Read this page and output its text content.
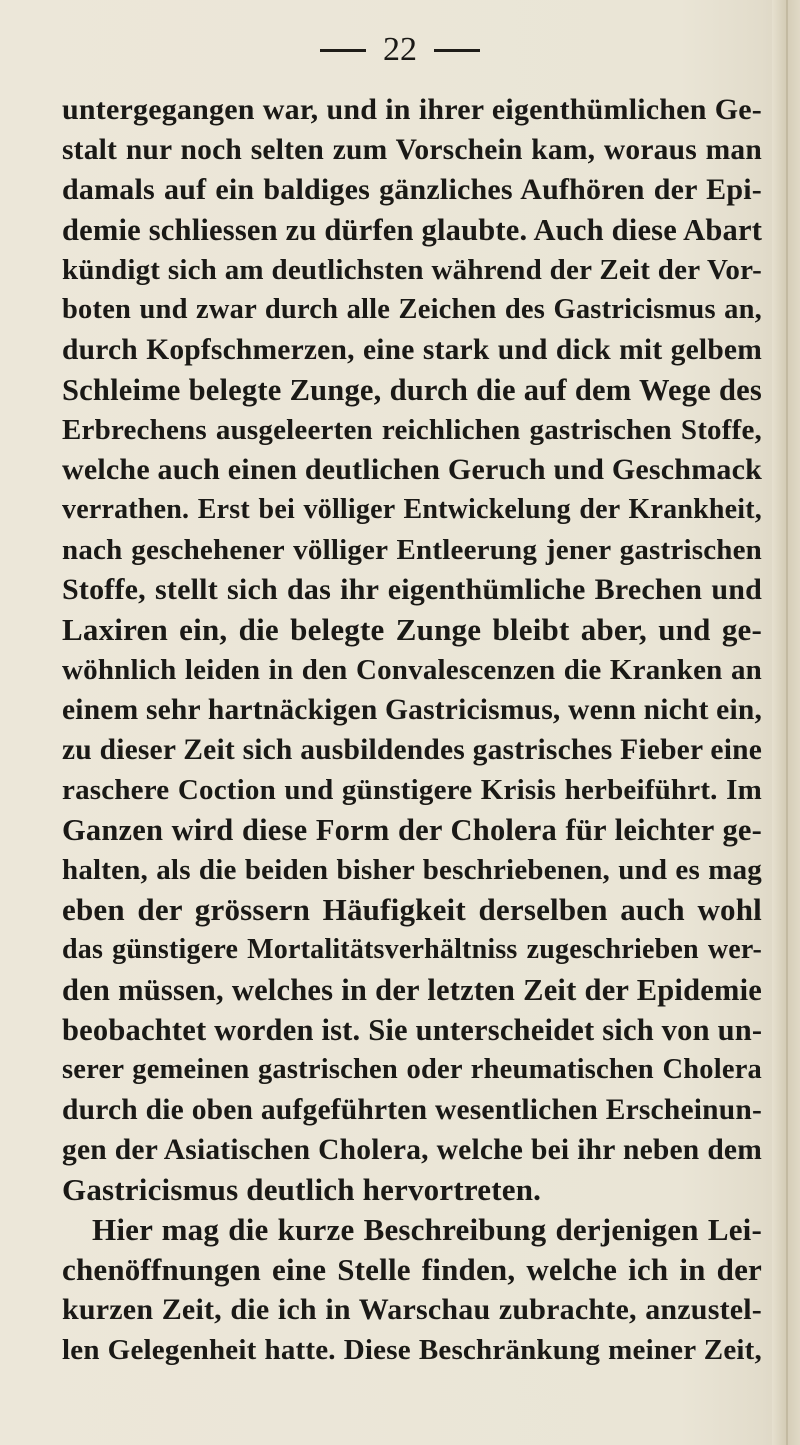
22
untergegangen war, und in ihrer eigenthümlichen Ge-
stalt nur noch selten zum Vorschein kam, woraus man
damals auf ein baldiges gänzliches Aufhören der Epi-
demie schliessen zu dürfen glaubte. Auch diese Abart
kündigt sich am deutlichsten während der Zeit der Vor-
boten und zwar durch alle Zeichen des Gastricismus an,
durch Kopfschmerzen, eine stark und dick mit gelbem
Schleime belegte Zunge, durch die auf dem Wege des
Erbrechens ausgeleerten reichlichen gastrischen Stoffe,
welche auch einen deutlichen Geruch und Geschmack
verrathen. Erst bei völliger Entwickelung der Krankheit,
nach geschehener völliger Entleerung jener gastrischen
Stoffe, stellt sich das ihr eigenthümliche Brechen und
Laxiren ein, die belegte Zunge bleibt aber, und ge-
wöhnlich leiden in den Convalescenzen die Kranken an
einem sehr hartnäckigen Gastricismus, wenn nicht ein,
zu dieser Zeit sich ausbildendes gastrisches Fieber eine
raschere Coction und günstigere Krisis herbeiführt. Im
Ganzen wird diese Form der Cholera für leichter ge-
halten, als die beiden bisher beschriebenen, und es mag
eben der grössern Häufigkeit derselben auch wohl
das günstigere Mortalitätsverhältniss zugeschrieben wer-
den müssen, welches in der letzten Zeit der Epidemie
beobachtet worden ist. Sie unterscheidet sich von un-
serer gemeinen gastrischen oder rheumatischen Cholera
durch die oben aufgeführten wesentlichen Erscheinun-
gen der Asiatischen Cholera, welche bei ihr neben dem
Gastricismus deutlich hervortreten.
Hier mag die kurze Beschreibung derjenigen Lei-
chenöffnungen eine Stelle finden, welche ich in der
kurzen Zeit, die ich in Warschau zubrachte, anzustel-
len Gelegenheit hatte. Diese Beschränkung meiner Zeit,
